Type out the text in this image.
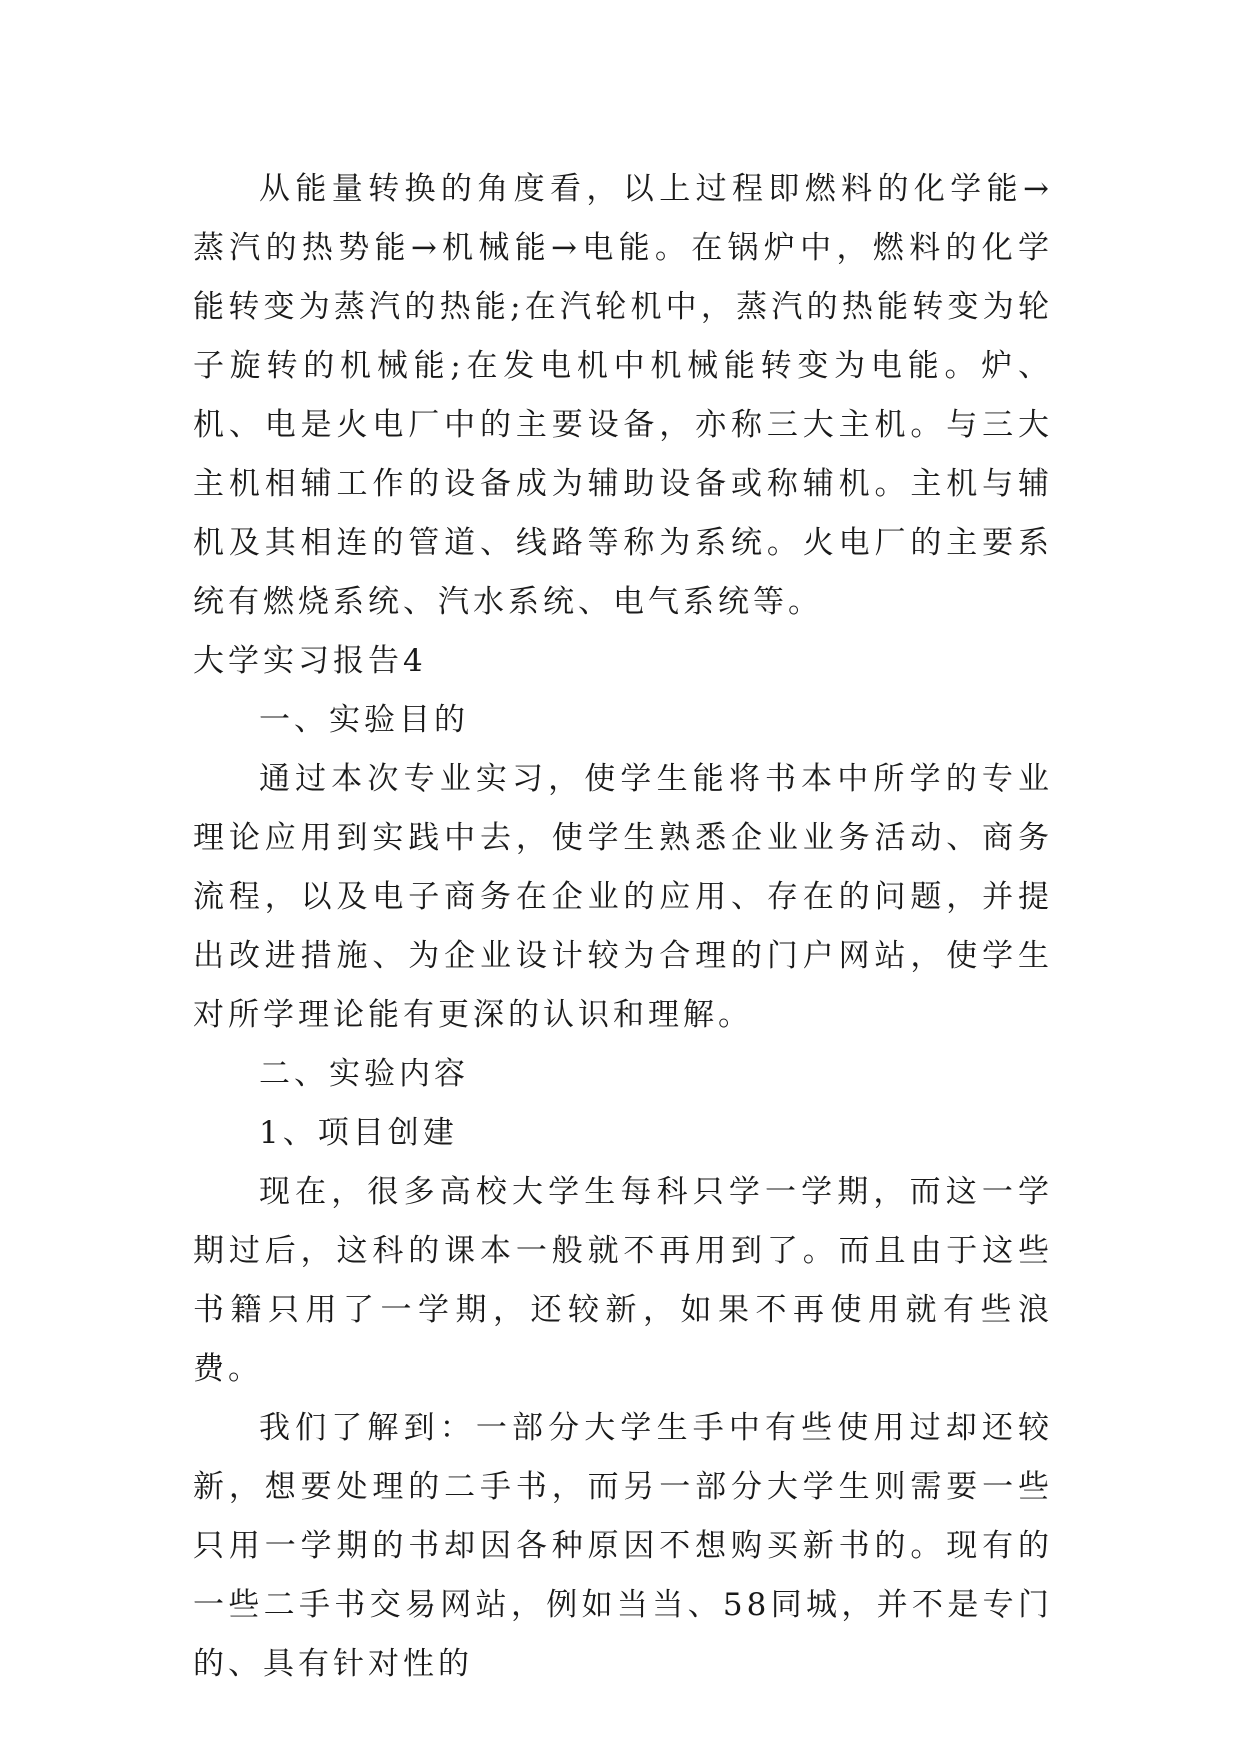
从能量转换的角度看，以上过程即燃料的化学能→蒸汽的热势能→机械能→电能。在锅炉中，燃料的化学能转变为蒸汽的热能;在汽轮机中，蒸汽的热能转变为轮子旋转的机械能;在发电机中机械能转变为电能。炉、机、电是火电厂中的主要设备，亦称三大主机。与三大主机相辅工作的设备成为辅助设备或称辅机。主机与辅机及其相连的管道、线路等称为系统。火电厂的主要系统有燃烧系统、汽水系统、电气系统等。

大学实习报告4

一、实验目的

通过本次专业实习，使学生能将书本中所学的专业理论应用到实践中去，使学生熟悉企业业务活动、商务流程，以及电子商务在企业的应用、存在的问题，并提出改进措施、为企业设计较为合理的门户网站，使学生对所学理论能有更深的认识和理解。

二、实验内容

1、项目创建

现在，很多高校大学生每科只学一学期，而这一学期过后，这科的课本一般就不再用到了。而且由于这些书籍只用了一学期，还较新，如果不再使用就有些浪费。

我们了解到：一部分大学生手中有些使用过却还较新，想要处理的二手书，而另一部分大学生则需要一些只用一学期的书却因各种原因不想购买新书的。现有的一些二手书交易网站，例如当当、58同城，并不是专门的、具有针对性的
